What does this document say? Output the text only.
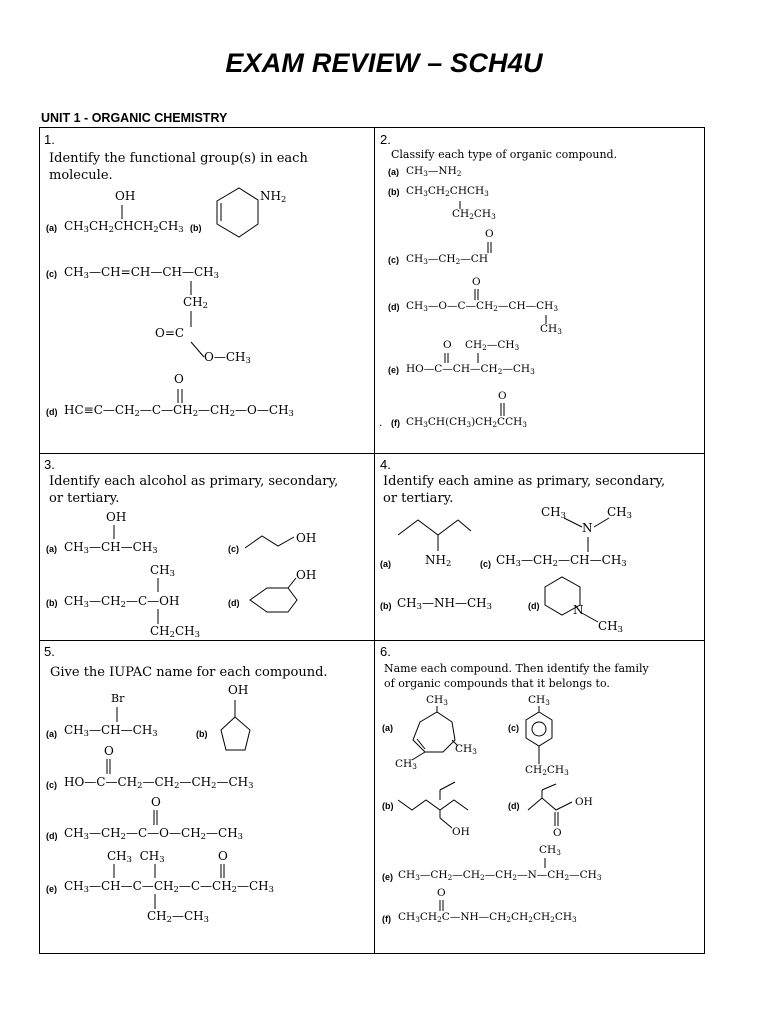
EXAM REVIEW – SCH4U
UNIT 1 - ORGANIC CHEMISTRY
1.
Identify the functional group(s) in each molecule.
OH
(a) $CH_3CH_2CHCH_2CH_3$ (b)
$NH_2$
(c) $CH_3—CH=CH—CH—CH_3$
$CH_2$
O=C
$O—CH_3$
O
(d) $HC\equiv C—CH_2—C—CH_2—CH_2—O—CH_3$
2.
Classify each type of organic compound.
(a) $CH_3—NH_2$
(b) $CH_3CH_2CHCH_3$
$CH_2CH_3$
O
(c) $CH_3—CH_2—CH$
O
(d) $CH_3—O—C—CH_2—CH—CH_3$
$CH_3$
O    $CH_2—CH_3$
(e) $HO—C—CH—CH_2—CH_3$
O
. (f) $CH_3CH(CH_3)CH_2CCH_3$
3.
Identify each alcohol as primary, secondary, or tertiary.
OH
(a) $CH_3—CH—CH_3$	(c)
OH
$CH_3$
(b) $CH_3—CH_2—C—OH$
$CH_2CH_3$
(d)
OH
4.
Identify each amine as primary, secondary, or tertiary.
$NH_2$
(a)
$CH_3$	$CH_3$
N
(c) $CH_3—CH_2—CH—CH_3$
(b) $CH_3—NH—CH_3$	(d)	N
$CH_3$
5.
Give the IUPAC name for each compound.
Br
(a) $CH_3—CH—CH_3$	(b)
OH
O
(c) $HO—C—CH_2—CH_2—CH_2—CH_3$
O
(d) $CH_3—CH_2—C—O—CH_2—CH_3$
$CH_3$  $CH_3$	O
(e) $CH_3—CH—C—CH_2—C—CH_2—CH_3$
$CH_2—CH_3$
6.
Name each compound. Then identify the family of organic compounds that it belongs to.
$CH_3$
(a)
$CH_3$
$CH_3$
(c)
$CH_3$
$CH_2CH_3$
(b)
OH
(d)	OH
O
$CH_3$
(e) $CH_3—CH_2—CH_2—CH_2—N—CH_2—CH_3$
O
(f) $CH_3CH_2C—NH—CH_2CH_2CH_2CH_3$
